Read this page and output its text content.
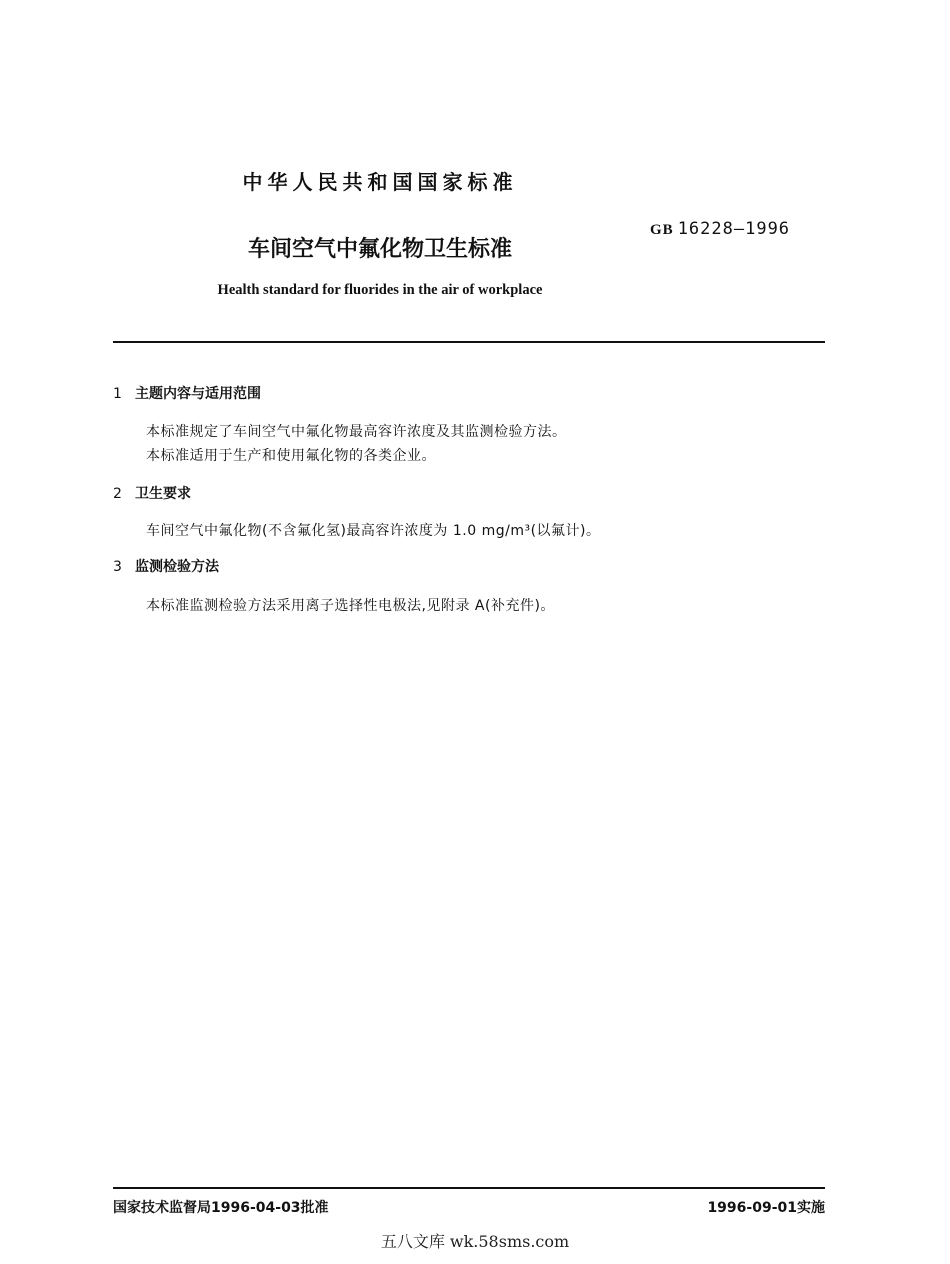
中华人民共和国国家标准
GB 16228—1996
车间空气中氟化物卫生标准
Health standard for fluorides in the air of workplace
1 主题内容与适用范围
本标准规定了车间空气中氟化物最高容许浓度及其监测检验方法。
本标准适用于生产和使用氟化物的各类企业。
2 卫生要求
车间空气中氟化物(不含氟化氢)最高容许浓度为 1.0 mg/m³(以氟计)。
3 监测检验方法
本标准监测检验方法采用离子选择性电极法,见附录 A(补充件)。
国家技术监督局1996-04-03批准	1996-09-01实施
五八文库 wk.58sms.com
